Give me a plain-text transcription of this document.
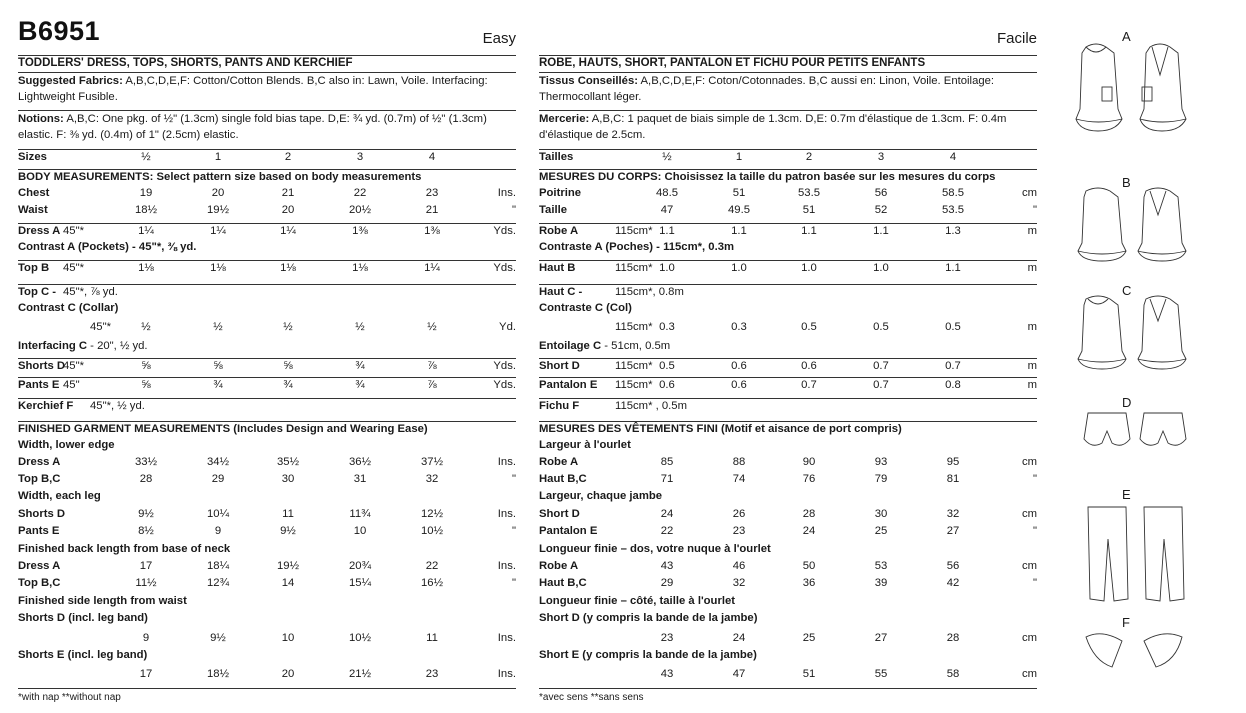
B6951	Easy
TODDLERS' DRESS, TOPS, SHORTS, PANTS AND KERCHIEF
Suggested Fabrics: A,B,C,D,E,F: Cotton/Cotton Blends. B,C also in: Lawn, Voile. Interfacing: Lightweight Fusible.
Notions: A,B,C: One pkg. of ½" (1.3cm) single fold bias tape. D,E: ¾ yd. (0.7m) of ½" (1.3cm) elastic. F: ⅜ yd. (0.4m) of 1" (2.5cm) elastic.
Sizes	½	1	2	3	4
BODY MEASUREMENTS: Select pattern size based on body measurements
Chest	19	20	21	22	23	Ins.
Waist	18½	19½	20	20½	21	"
Dress A 45"*	1¼	1¼	1¼	1⅜	1⅜	Yds.
Contrast A (Pockets) - 45"*, ⅜ yd.
Top B 45"*	1⅛	1⅛	1⅛	1⅛	1¼	Yds.
Top C - 45"*, ⅞ yd.
Contrast C (Collar)
45"*	½	½	½	½	½	Yd.
Interfacing C - 20", ½ yd.
Shorts D
45"*	⅝	⅝	⅝	¾	⅞	Yds.
Pants E 45"	⅝	¾	¾	¾	⅞	Yds.
Kerchief F 45"*, ½ yd.
FINISHED GARMENT MEASUREMENTS (Includes Design and Wearing Ease)
Width, lower edge
Dress A	33½	34½	35½	36½	37½	Ins.
Top B,C	28	29	30	31	32	"
Width, each leg
Shorts D	9½	10¼	11	11¾	12½	Ins.
Pants E	8½	9	9½	10	10½	"
Finished back length from base of neck
Dress A	17	18¼	19½	20¾	22	Ins.
Top B,C	11½	12¾	14	15¼	16½	"
Finished side length from waist
Shorts D (incl. leg band)
9	9½	10	10½	11	Ins.
Shorts E (incl. leg band)
17	18½	20	21½	23	Ins.
*with nap **without nap
Facile
ROBE, HAUTS, SHORT, PANTALON ET FICHU POUR PETITS ENFANTS
Tissus Conseillés: A,B,C,D,E,F: Coton/Cotonnades. B,C aussi en: Linon, Voile. Entoilage: Thermocollant léger.
Mercerie: A,B,C: 1 paquet de biais simple de 1.3cm. D,E: 0.7m d'élastique de 1.3cm. F: 0.4m d'élastique de 2.5cm.
Tailles	½	1	2	3	4
MESURES DU CORPS: Choisissez la taille du patron basée sur les mesures du corps
Poitrine	48.5	51	53.5	56	58.5	cm
Taille	47	49.5	51	52	53.5	"
Robe A	115cm* 1.1	1.1	1.1	1.1	1.3	m
Contraste A (Poches) - 115cm*, 0.3m
Haut B	115cm* 1.0	1.0	1.0	1.0	1.1	m
Haut C -	115cm*, 0.8m
Contraste C (Col)
115cm* 0.3	0.3	0.5	0.5	0.5	m
Entoilage C - 51cm, 0.5m
Short D	115cm* 0.5	0.6	0.6	0.7	0.7	m
Pantalon E 115cm* 0.6	0.6	0.7	0.7	0.8	m
Fichu F	115cm* , 0.5m
MESURES DES VÊTEMENTS FINI (Motif et aisance de port compris)
Largeur à l'ourlet
Robe A	85	88	90	93	95	cm
Haut B,C	71	74	76	79	81	"
Largeur, chaque jambe
Short D	24	26	28	30	32	cm
Pantalon E	22	23	24	25	27	"
Longueur finie – dos, votre nuque à l'ourlet
Robe A	43	46	50	53	56	cm
Haut B,C	29	32	36	39	42	"
Longueur finie – côté, taille à l'ourlet
Short D (y compris la bande de la jambe)
23	24	25	27	28	cm
Short E (y compris la bande de la jambe)
43	47	51	55	58	cm
*avec sens **sans sens
A
B
C
D
E
F
